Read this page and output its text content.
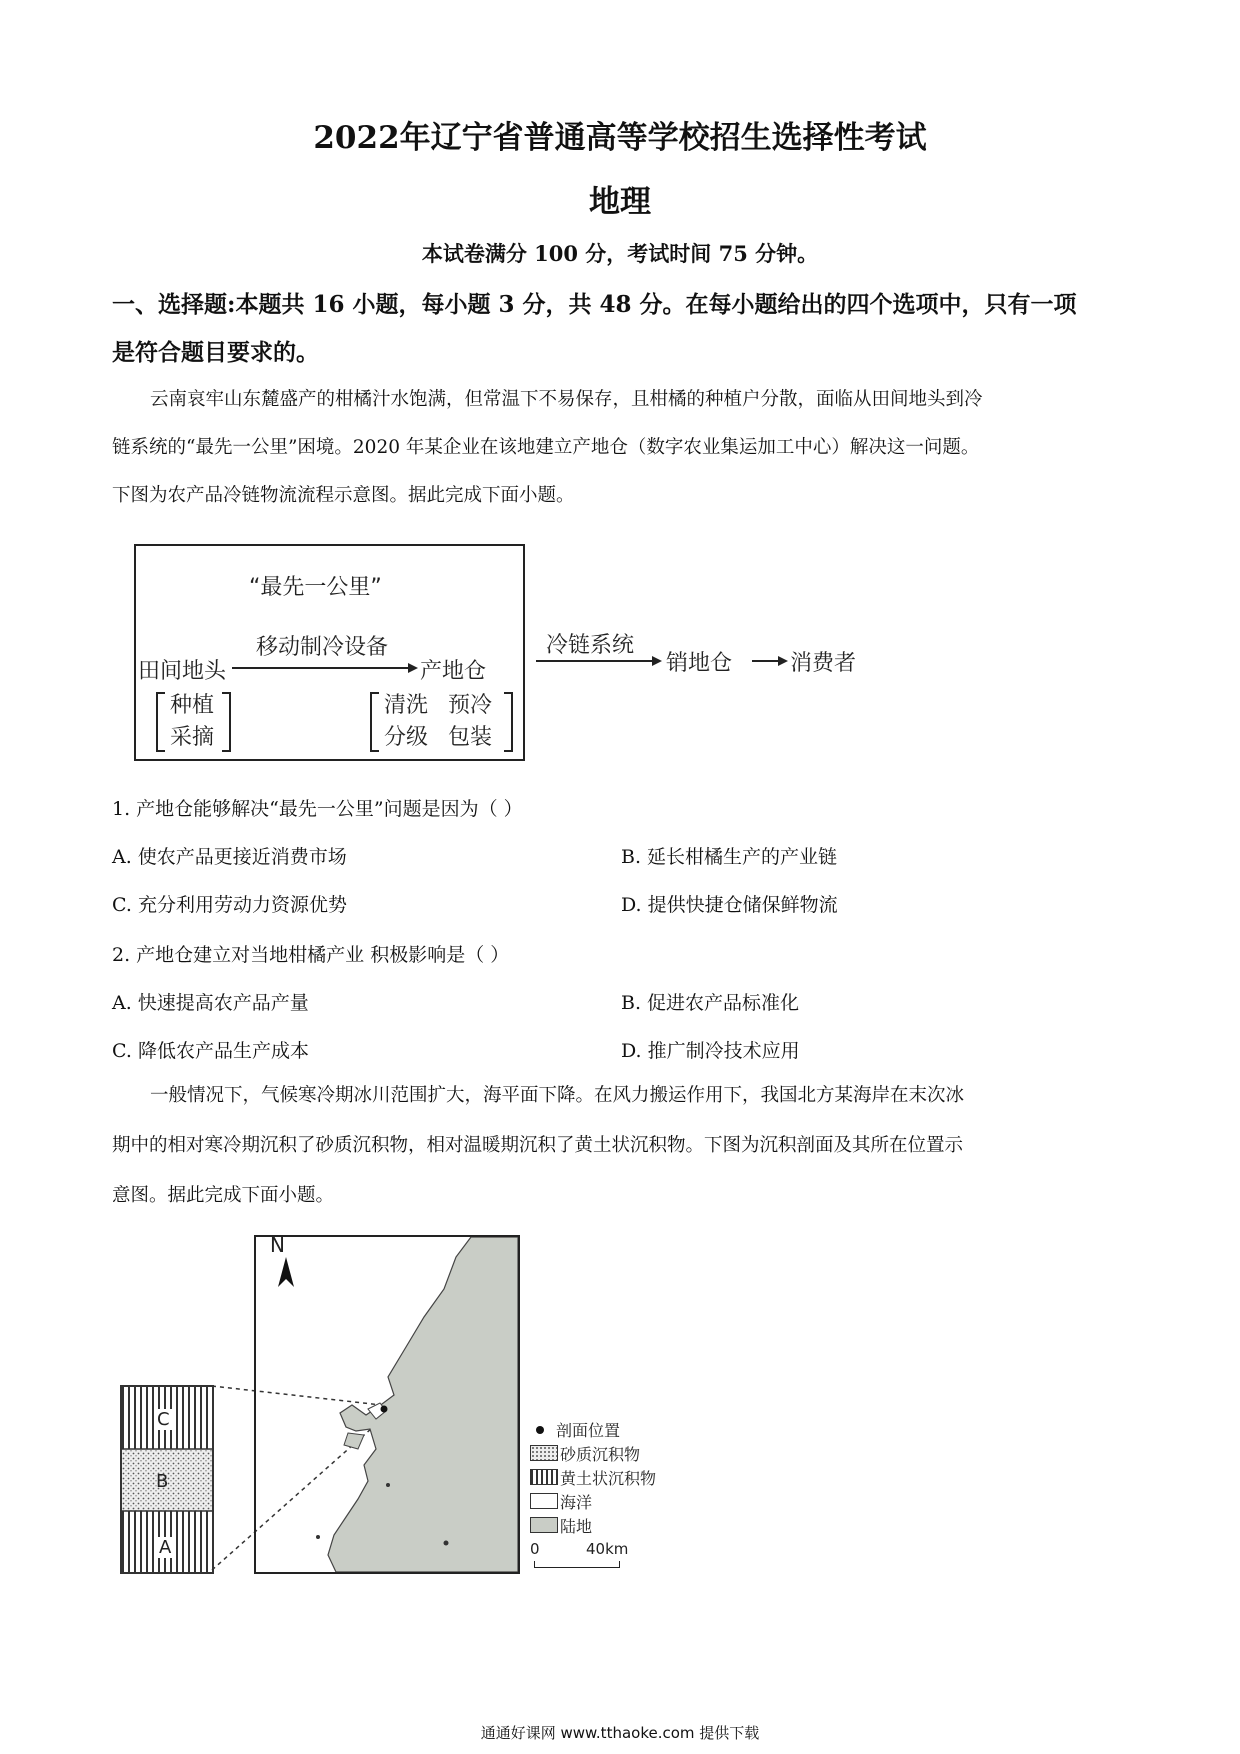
2022年辽宁省普通高等学校招生选择性考试
地理
本试卷满分 100 分，考试时间 75 分钟。
一、选择题:本题共 16 小题，每小题 3 分，共 48 分。在每小题给出的四个选项中，只有一项
是符合题目要求的。
云南哀牢山东麓盛产的柑橘汁水饱满，但常温下不易保存，且柑橘的种植户分散，面临从田间地头到冷
链系统的“最先一公里”困境。2020 年某企业在该地建立产地仓（数字农业集运加工中心）解决这一问题。
下图为农产品冷链物流流程示意图。据此完成下面小题。
“最先一公里”
移动制冷设备
田间地头	产地仓
种植
采摘
清洗 预冷
分级 包装
冷链系统
销地仓	消费者
1. 产地仓能够解决“最先一公里”问题是因为（ ）
A. 使农产品更接近消费市场	B. 延长柑橘生产的产业链
C. 充分利用劳动力资源优势	D. 提供快捷仓储保鲜物流
2. 产地仓建立对当地柑橘产业 积极影响是（ ）
A. 快速提高农产品产量	B. 促进农产品标准化
C. 降低农产品生产成本	D. 推广制冷技术应用
一般情况下，气候寒冷期冰川范围扩大，海平面下降。在风力搬运作用下，我国北方某海岸在末次冰
期中的相对寒冷期沉积了砂质沉积物，相对温暖期沉积了黄土状沉积物。下图为沉积剖面及其所在位置示
意图。据此完成下面小题。
C
B
A
N
剖面位置
砂质沉积物
黄土状沉积物
海洋
陆地
0	40km
通通好课网 www.tthaoke.com 提供下载
